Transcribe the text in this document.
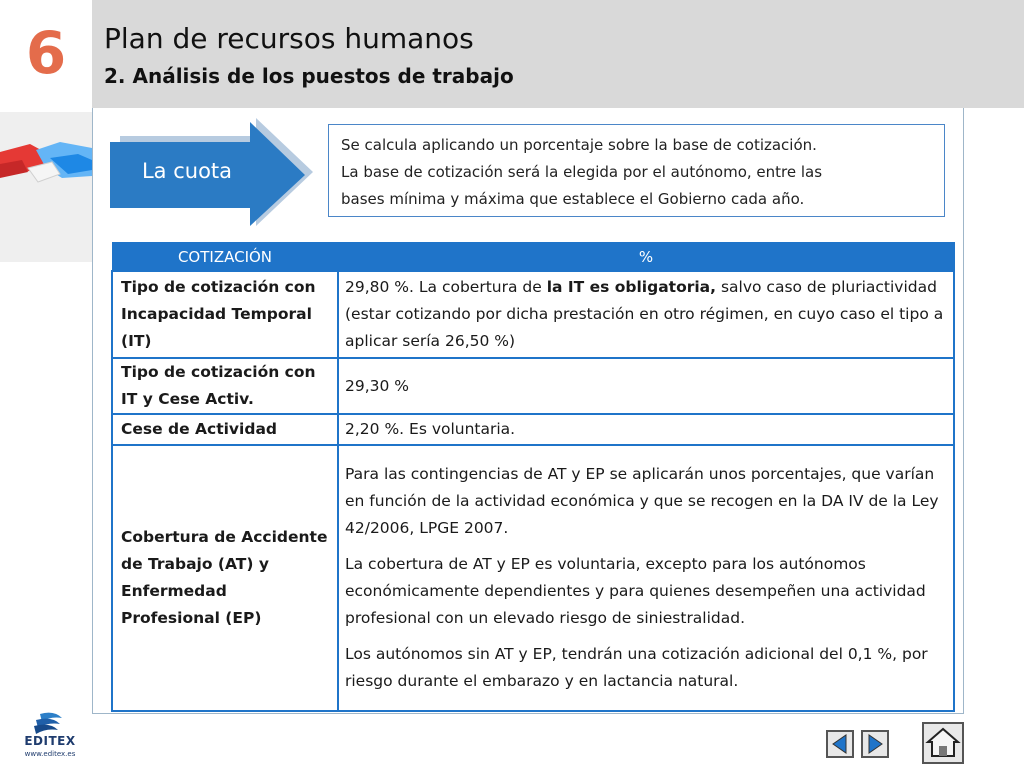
6	Plan de recursos humanos
2. Análisis de los puestos de trabajo
La cuota
Se calcula aplicando un porcentaje sobre la base de cotización.
La base de cotización será la elegida por el autónomo, entre las
bases mínima y máxima que establece el Gobierno cada año.
COTIZACIÓN	%
Tipo de cotización con Incapacidad Temporal (IT)	29,80 %. La cobertura de la IT es obligatoria, salvo caso de pluriactividad (estar cotizando por dicha prestación en otro régimen, en cuyo caso el tipo a aplicar sería 26,50 %)
Tipo de cotización con IT y Cese Activ.	29,30 %
Cese de Actividad	2,20 %. Es voluntaria.
Cobertura de Accidente de Trabajo (AT) y Enfermedad Profesional (EP)	Para las contingencias de AT y EP se aplicarán unos porcentajes, que varían en función de la actividad económica y que se recogen en la DA IV de la Ley 42/2006, LPGE 2007.

La cobertura de AT y EP es voluntaria, excepto para los autónomos económicamente dependientes y para quienes desempeñen una actividad profesional con un elevado riesgo de siniestralidad.

Los autónomos sin AT y EP, tendrán una cotización adicional del 0,1 %, por riesgo durante el embarazo y en lactancia natural.

EDITEX
www.editex.es
